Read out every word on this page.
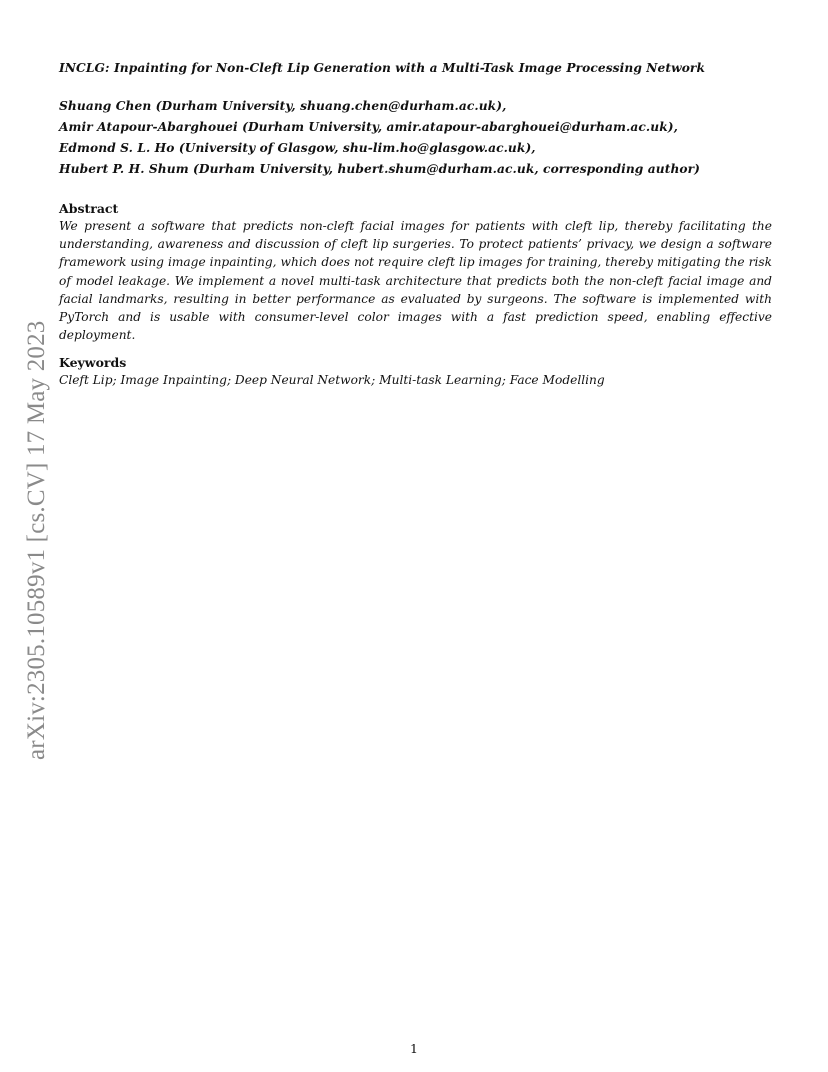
arXiv:2305.10589v1 [cs.CV] 17 May 2023
INCLG: Inpainting for Non-Cleft Lip Generation with a Multi-Task Image Processing Network
Shuang Chen (Durham University, shuang.chen@durham.ac.uk),
Amir Atapour-Abarghouei (Durham University, amir.atapour-abarghouei@durham.ac.uk),
Edmond S. L. Ho (University of Glasgow, shu-lim.ho@glasgow.ac.uk),
Hubert P. H. Shum (Durham University, hubert.shum@durham.ac.uk, corresponding author)
Abstract
We present a software that predicts non-cleft facial images for patients with cleft lip, thereby facilitating the understanding, awareness and discussion of cleft lip surgeries. To protect patients’ privacy, we design a software framework using image inpainting, which does not require cleft lip images for training, thereby mitigating the risk of model leakage. We implement a novel multi-task architecture that predicts both the non-cleft facial image and facial landmarks, resulting in better performance as evaluated by surgeons. The software is implemented with PyTorch and is usable with consumer-level color images with a fast prediction speed, enabling effective deployment.
Keywords
Cleft Lip; Image Inpainting; Deep Neural Network; Multi-task Learning; Face Modelling
1
